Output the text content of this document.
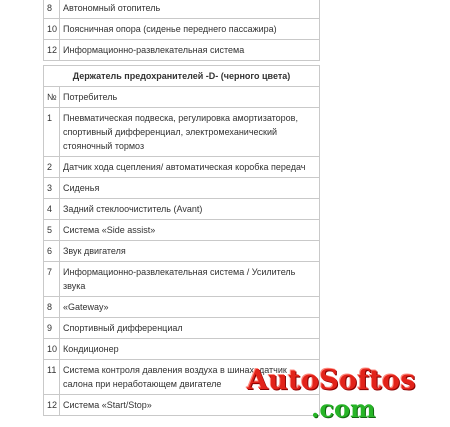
8	Автономный отопитель
10	Поясничная опора (сиденье переднего пассажира)
12	Информационно-развлекательная система
Держатель предохранителей -D- (черного цвета)	
№	Потребитель
1	Пневматическая подвеска, регулировка амортизаторов, спортивный дифференциал, электромеханический стояночный тормоз
2	Датчик хода сцепления/ автоматическая коробка передач
3	Сиденья
4	Задний стеклоочиститель (Avant)
5	Система «Side assist»
6	Звук двигателя
7	Информационно-развлекательная система / Усилитель звука
8	«Gateway»
9	Спортивный дифференциал
10	Кондиционер
11	Система контроля давления воздуха в шинах, датчик салона при неработающем двигателе
12	Система «Start/Stop»
AutoSoftos
.com
